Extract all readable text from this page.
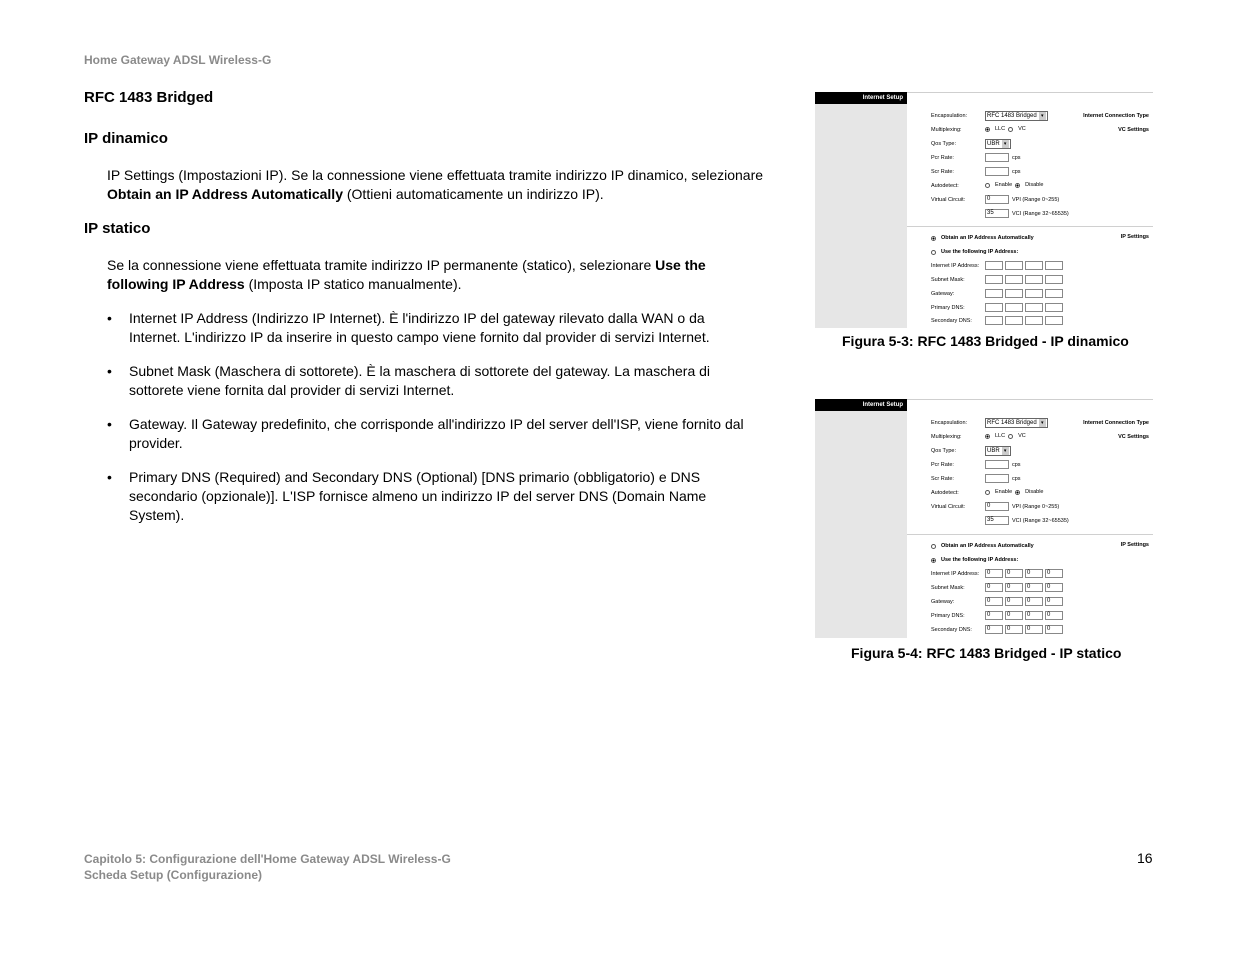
Home Gateway ADSL Wireless-G
RFC 1483 Bridged
IP dinamico
IP Settings (Impostazioni IP). Se la connessione viene effettuata tramite indirizzo IP dinamico, selezionare
Obtain an IP Address Automatically (Ottieni automaticamente un indirizzo IP).
IP statico
Se la connessione viene effettuata tramite indirizzo IP permanente (statico), selezionare Use the following IP Address (Imposta IP statico manualmente).
•	Internet IP Address (Indirizzo IP Internet). È l'indirizzo IP del gateway rilevato dalla WAN o da Internet. L'indirizzo IP da inserire in questo campo viene fornito dal provider di servizi Internet.
•	Subnet Mask (Maschera di sottorete). È la maschera di sottorete del gateway. La maschera di sottorete viene fornita dal provider di servizi Internet.
•	Gateway. Il Gateway predefinito, che corrisponde all'indirizzo IP del server dell'ISP, viene fornito dal provider.
•	Primary DNS (Required) and Secondary DNS (Optional) [DNS primario (obbligatorio) e DNS secondario (opzionale)]. L'ISP fornisce almeno un indirizzo IP del server DNS (Domain Name System).
Internet Setup
Internet Connection Type
VC Settings
IP Settings
Encapsulation:	RFC 1483 Bridged ▾
Multiplexing:	LLC VC
Qos Type:	UBR ▾
Pcr Rate:	cps
Scr Rate:	cps
Autodetect:	Enable Disable
Virtual Circuit:	0	VPI (Range 0~255)
35	VCI (Range 32~65535)
Obtain an IP Address Automatically
Use the following IP Address:
Internet IP Address:
Subnet Mask:
Gateway:
Primary DNS:
Secondary DNS:
Figura 5-3: RFC 1483 Bridged - IP dinamico
Internet Setup
Internet Connection Type
VC Settings
IP Settings
Encapsulation:	RFC 1483 Bridged ▾
Multiplexing:	LLC VC
Qos Type:	UBR ▾
Pcr Rate:	cps
Scr Rate:	cps
Autodetect:	Enable Disable
Virtual Circuit:	0	VPI (Range 0~255)
35	VCI (Range 32~65535)
Obtain an IP Address Automatically
Use the following IP Address:
Internet IP Address:	0	0	0	0
Subnet Mask:	0	0	0	0
Gateway:	0	0	0	0
Primary DNS:	0	0	0	0
Secondary DNS:	0	0	0	0
Figura 5-4: RFC 1483 Bridged - IP statico
Capitolo 5: Configurazione dell'Home Gateway ADSL Wireless-G
Scheda Setup (Configurazione)
16
